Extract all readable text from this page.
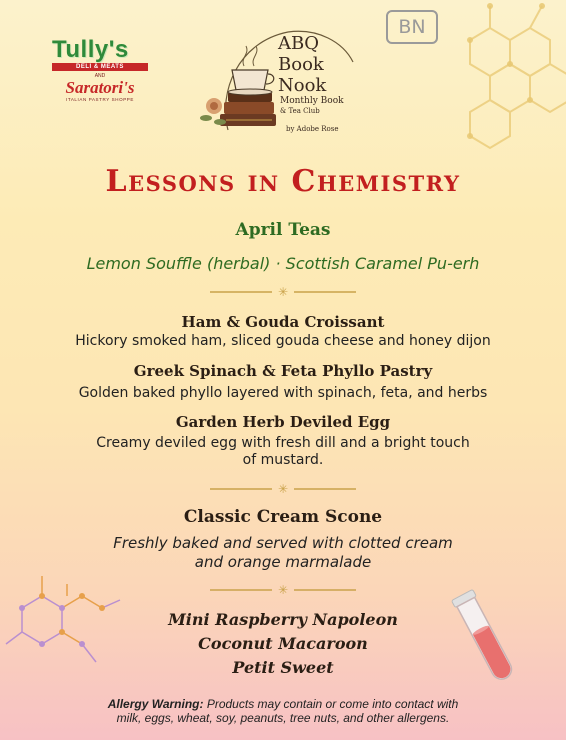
BN
Tully's
DELI & MEATS
AND
Saratori's
ITALIAN PASTRY SHOPPE
ABQ
Book
Nook
Monthly Book
& Tea Club
by Adobe Rose
Lessons in Chemistry
April Teas
Lemon Souffle (herbal) · Scottish Caramel Pu-erh
✳
Ham & Gouda Croissant
Hickory smoked ham, sliced gouda cheese and honey dijon
Greek Spinach & Feta Phyllo Pastry
Golden baked phyllo layered with spinach, feta, and herbs
Garden Herb Deviled Egg
Creamy deviled egg with fresh dill and a bright touch
of mustard.
✳
Classic Cream Scone
Freshly baked and served with clotted cream
and orange marmalade
✳
Mini Raspberry Napoleon
Coconut Macaroon
Petit Sweet
Allergy Warning: Products may contain or come into contact with
milk, eggs, wheat, soy, peanuts, tree nuts, and other allergens.
